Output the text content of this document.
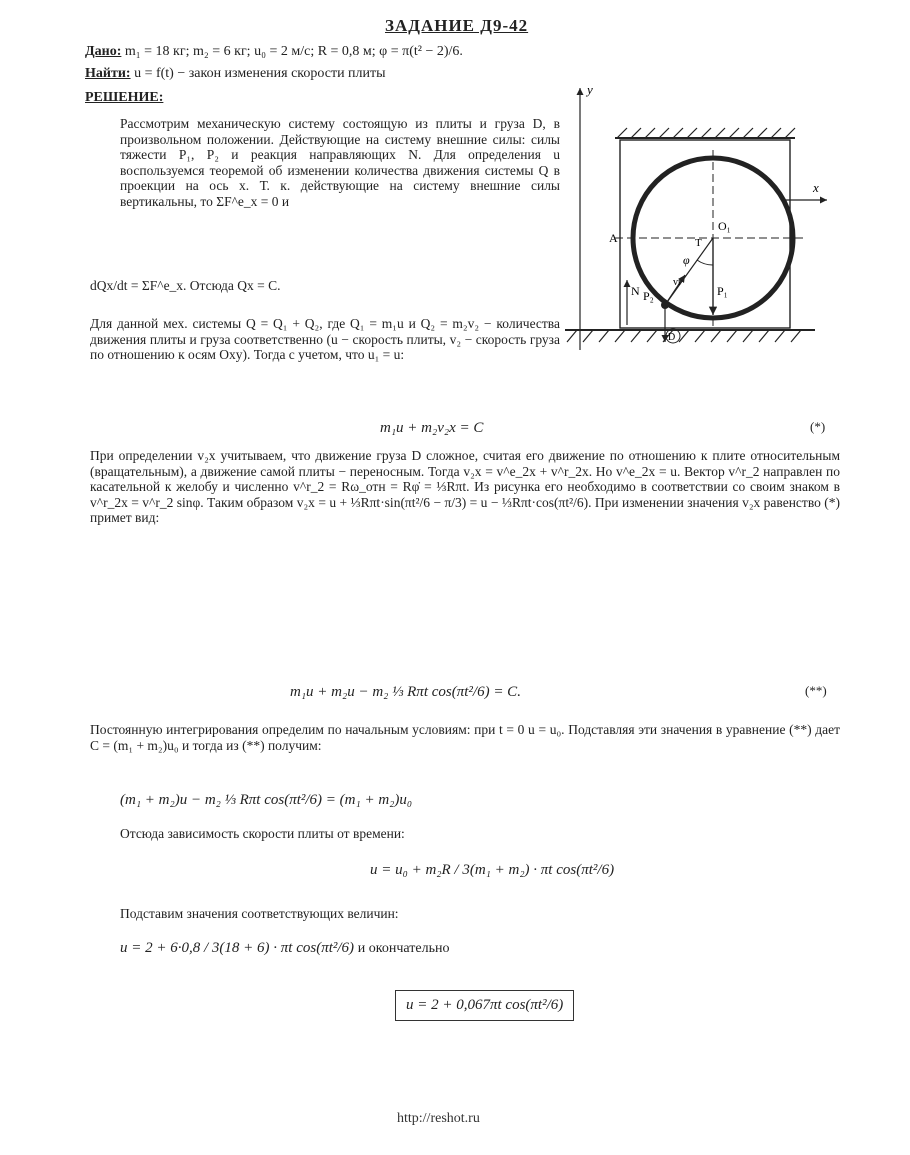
ЗАДАНИЕ Д9-42
Дано: m₁ = 18 кг; m₂ = 6 кг; u₀ = 2 м/с; R = 0,8 м; φ = π(t² − 2)/6.
Найти: u = f(t) − закон изменения скорости плиты
РЕШЕНИЕ:

Рассмотрим механическую систему состоящую из плиты и груза D, в произвольном положении. Действующие на систему внешние силы: силы тяжести P₁, P₂ и реакция направляющих N. Для определения u воспользуемся теоремой об изменении количества движения системы Q в проекции на ось x. Т. к. действующие на систему внешние силы вертикальны, то ΣF^e_x = 0 и

dQx/dt = ΣF^e_x. Отсюда Qx = C.

Для данной мех. системы Q = Q₁ + Q₂, где Q₁ = m₁u и Q₂ = m₂v₂ − количества движения плиты и груза соответственно (u − скорость плиты, v₂ − скорость груза по отношению к осям Oxy). Тогда с учетом, что u₁ = u:

m₁u + m₂v₂x = C	(*)

При определении v₂x учитываем, что движение груза D сложное, считая его движение по отношению к плите относительным (вращательным), а движение самой плиты − переносным. Тогда v₂x = v^e_2x + v^r_2x. Но v^e_2x = u. Вектор v^r_2 направлен по касательной к желобу и численно v^r_2 = Rω_отн = Rφ̇ = ⅓Rπt. Из рисунка его необходимо в соответствии со своим знаком в v^r_2x = v^r_2 sinφ. Таким образом v₂x = u + ⅓Rπt·sin(πt²/6 − π/3) = u − ⅓Rπt·cos(πt²/6). При изменении значения v₂x равенство (*) примет вид:

m₁u + m₂u − m₂ ⅓ Rπt cos(πt²/6) = C.	(**)

Постоянную интегрирования определим по начальным условиям: при t = 0 u = u₀. Подставляя эти значения в уравнение (**) дает C = (m₁ + m₂)u₀ и тогда из (**) получим:

(m₁ + m₂)u − m₂ ⅓ Rπt cos(πt²/6) = (m₁ + m₂)u₀

Отсюда зависимость скорости плиты от времени:

u = u₀ + m₂R / 3(m₁ + m₂) · πt cos(πt²/6)

Подставим значения соответствующих величин:

u = 2 + 6·0,8 / 3(18 + 6) · πt cos(πt²/6) и окончательно
u = 2 + 0,067πt cos(πt²/6)
http://reshot.ru
y
O₁
A
x
φ
T
D
P₂
vr
P₁
N
